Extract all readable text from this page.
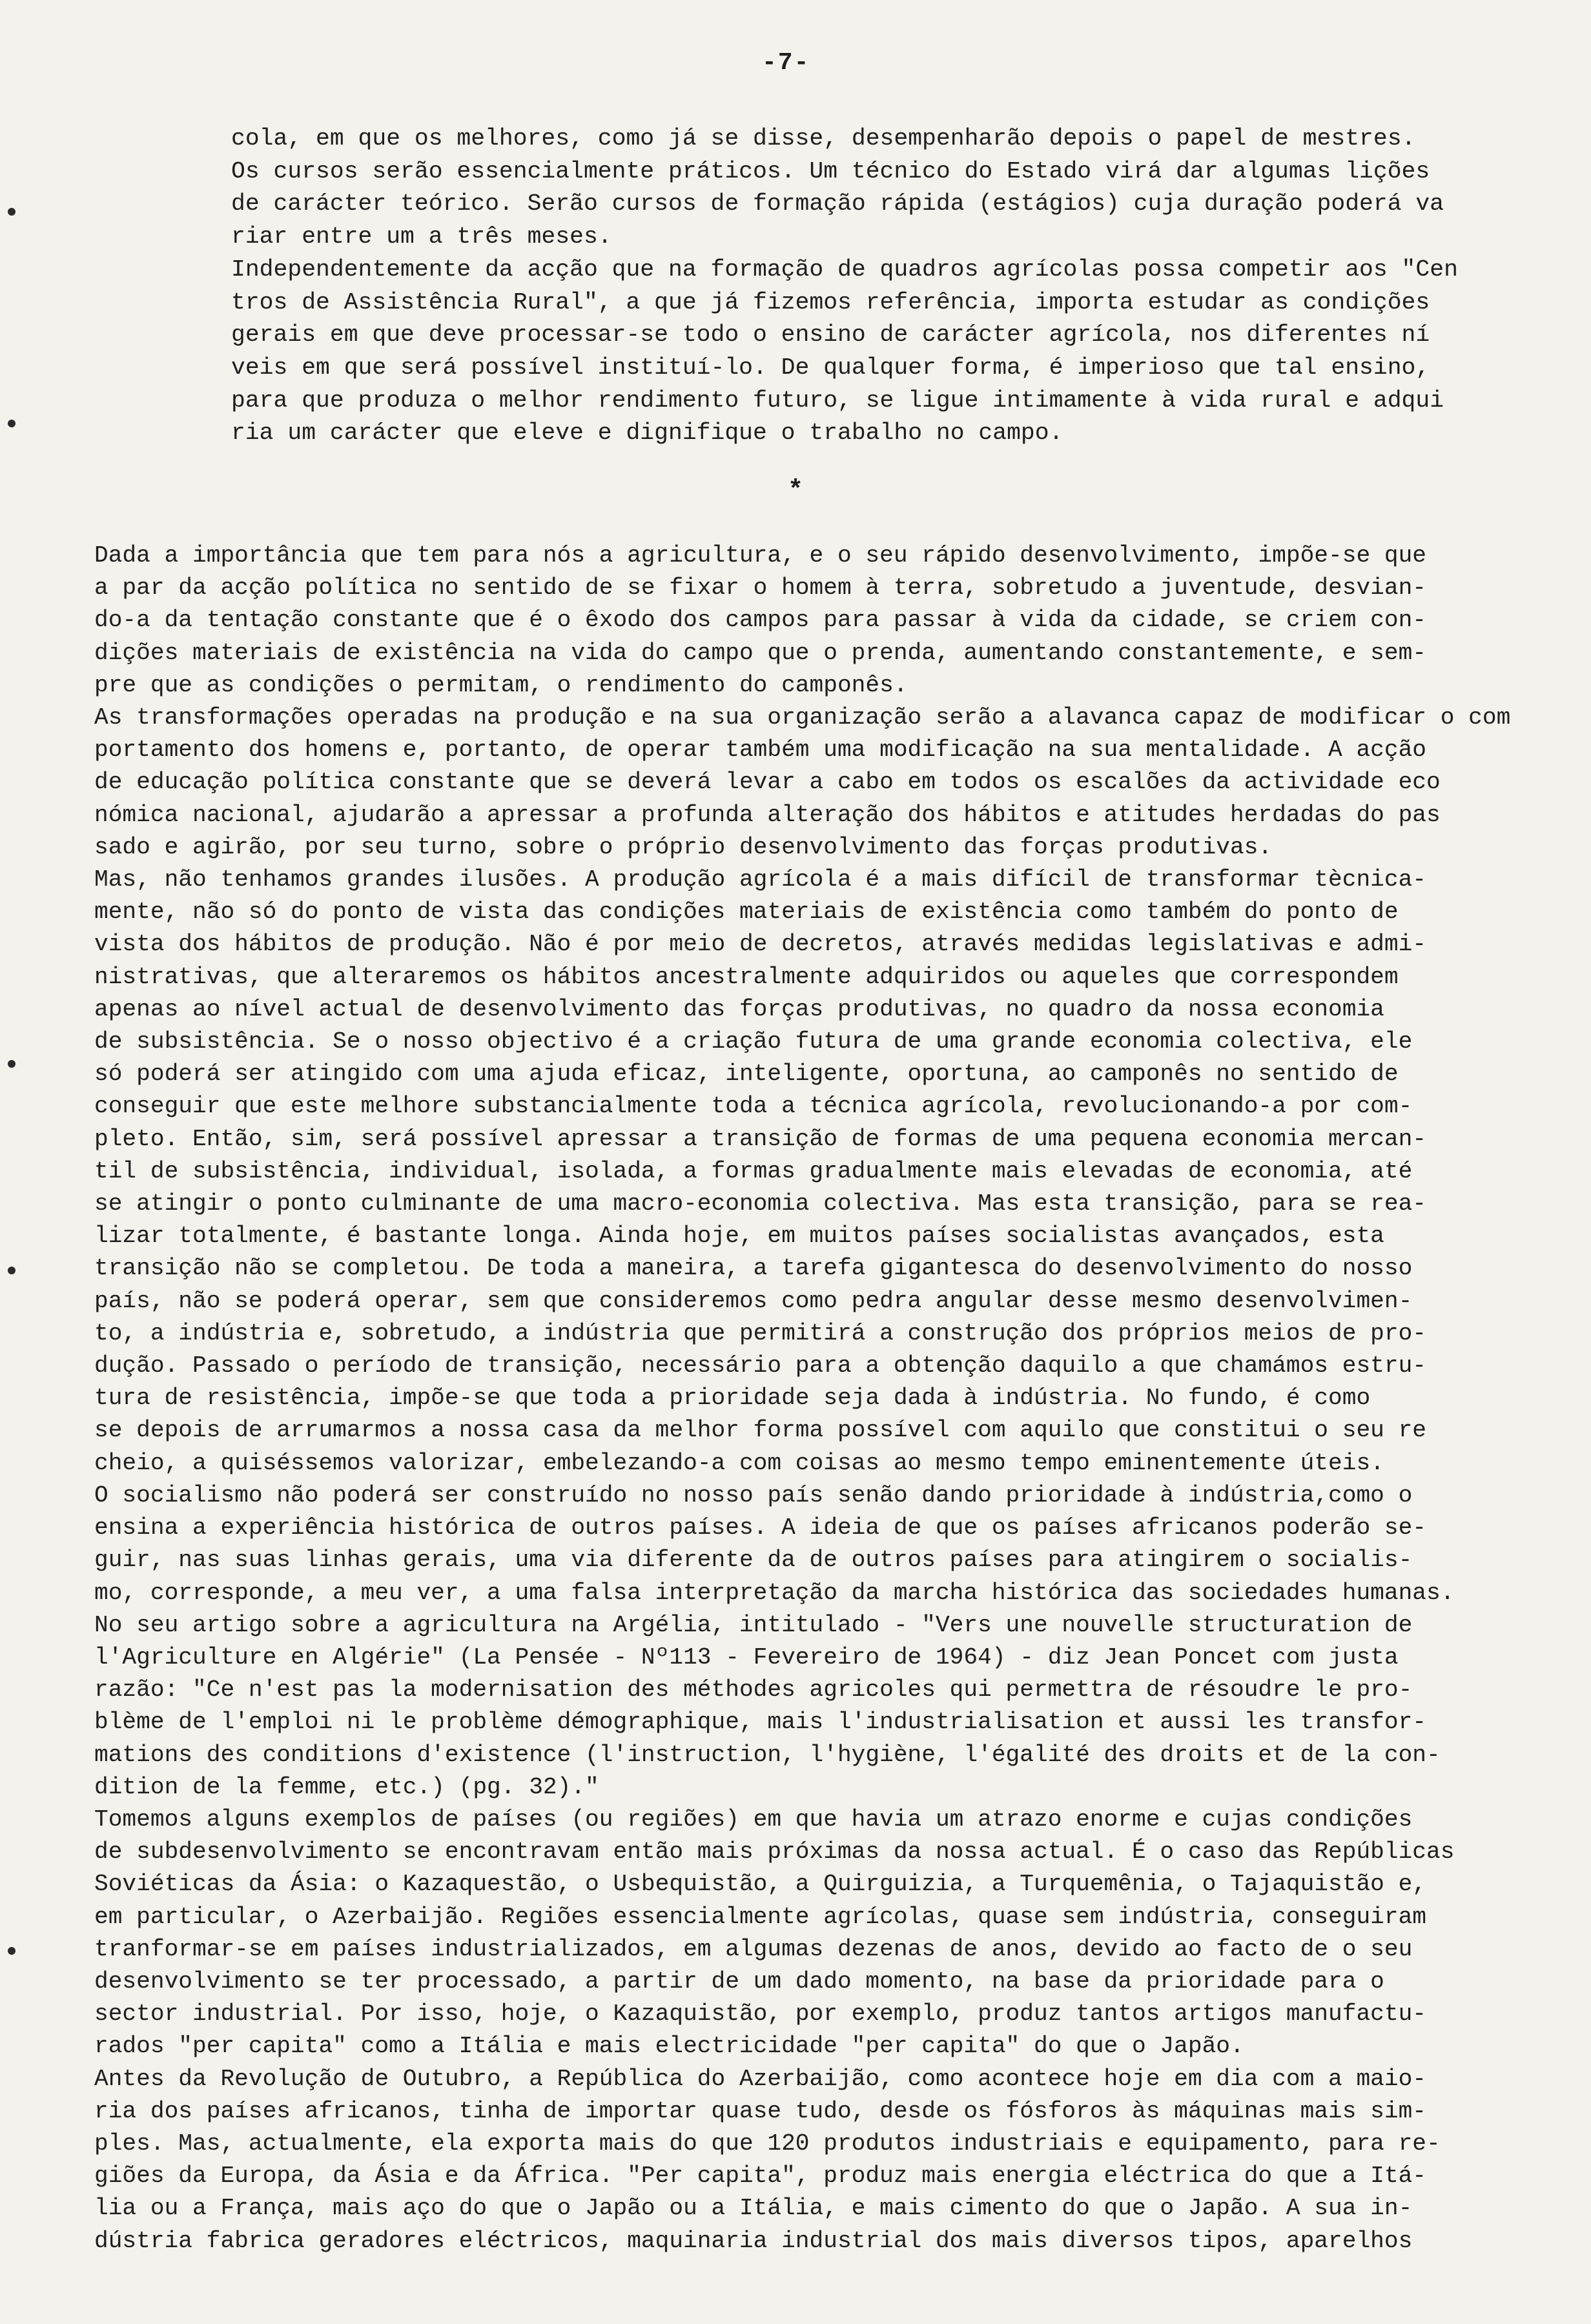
-7-
cola, em que os melhores, como já se disse, desempenharão depois o papel de mestres.
Os cursos serão essencialmente práticos. Um técnico do Estado virá dar algumas lições
de carácter teórico. Serão cursos de formação rápida (estágios) cuja duração poderá va
riar entre um a três meses.
Independentemente da acção que na formação de quadros agrícolas possa competir aos "Cen
tros de Assistência Rural", a que já fizemos referência, importa estudar as condições
gerais em que deve processar-se todo o ensino de carácter agrícola, nos diferentes ní
veis em que será possível instituí-lo. De qualquer forma, é imperioso que tal ensino,
para que produza o melhor rendimento futuro, se ligue intimamente à vida rural e adqui
ria um carácter que eleve e dignifique o trabalho no campo.
*
Dada a importância que tem para nós a agricultura, e o seu rápido desenvolvimento, impõe-se que
a par da acção política no sentido de se fixar o homem à terra, sobretudo a juventude, desvian-
do-a da tentação constante que é o êxodo dos campos para passar à vida da cidade, se criem con-
dições materiais de existência na vida do campo que o prenda, aumentando constantemente, e sem-
pre que as condições o permitam, o rendimento do camponês.
As transformações operadas na produção e na sua organização serão a alavanca capaz de modificar o com
portamento dos homens e, portanto, de operar também uma modificação na sua mentalidade. A acção
de educação política constante que se deverá levar a cabo em todos os escalões da actividade eco
nómica nacional, ajudarão a apressar a profunda alteração dos hábitos e atitudes herdadas do pas
sado e agirão, por seu turno, sobre o próprio desenvolvimento das forças produtivas.
Mas, não tenhamos grandes ilusões. A produção agrícola é a mais difícil de transformar tècnica-
mente, não só do ponto de vista das condições materiais de existência como também do ponto de
vista dos hábitos de produção. Não é por meio de decretos, através medidas legislativas e admi-
nistrativas, que alteraremos os hábitos ancestralmente adquiridos ou aqueles que correspondem
apenas ao nível actual de desenvolvimento das forças produtivas, no quadro da nossa economia
de subsistência. Se o nosso objectivo é a criação futura de uma grande economia colectiva, ele
só poderá ser atingido com uma ajuda eficaz, inteligente, oportuna, ao camponês no sentido de
conseguir que este melhore substancialmente toda a técnica agrícola, revolucionando-a por com-
pleto. Então, sim, será possível apressar a transição de formas de uma pequena economia mercan-
til de subsistência, individual, isolada, a formas gradualmente mais elevadas de economia, até
se atingir o ponto culminante de uma macro-economia colectiva. Mas esta transição, para se rea-
lizar totalmente, é bastante longa. Ainda hoje, em muitos países socialistas avançados, esta
transição não se completou. De toda a maneira, a tarefa gigantesca do desenvolvimento do nosso
país, não se poderá operar, sem que consideremos como pedra angular desse mesmo desenvolvimen-
to, a indústria e, sobretudo, a indústria que permitirá a construção dos próprios meios de pro-
dução. Passado o período de transição, necessário para a obtenção daquilo a que chamámos estru-
tura de resistência, impõe-se que toda a prioridade seja dada à indústria. No fundo, é como
se depois de arrumarmos a nossa casa da melhor forma possível com aquilo que constitui o seu re
cheio, a quiséssemos valorizar, embelezando-a com coisas ao mesmo tempo eminentemente úteis.
O socialismo não poderá ser construído no nosso país senão dando prioridade à indústria,como o
ensina a experiência histórica de outros países. A ideia de que os países africanos poderão se-
guir, nas suas linhas gerais, uma via diferente da de outros países para atingirem o socialis-
mo, corresponde, a meu ver, a uma falsa interpretação da marcha histórica das sociedades humanas.
No seu artigo sobre a agricultura na Argélia, intitulado - "Vers une nouvelle structuration de
l'Agriculture en Algérie" (La Pensée - Nº113 - Fevereiro de 1964) - diz Jean Poncet com justa
razão: "Ce n'est pas la modernisation des méthodes agricoles qui permettra de résoudre le pro-
blème de l'emploi ni le problème démographique, mais l'industrialisation et aussi les transfor-
mations des conditions d'existence (l'instruction, l'hygiène, l'égalité des droits et de la con-
dition de la femme, etc.) (pg. 32)."
Tomemos alguns exemplos de países (ou regiões) em que havia um atrazo enorme e cujas condições
de subdesenvolvimento se encontravam então mais próximas da nossa actual. É o caso das Repúblicas
Soviéticas da Ásia: o Kazaquestão, o Usbequistão, a Quirguizia, a Turquemênia, o Tajaquistão e,
em particular, o Azerbaijão. Regiões essencialmente agrícolas, quase sem indústria, conseguiram
tranformar-se em países industrializados, em algumas dezenas de anos, devido ao facto de o seu
desenvolvimento se ter processado, a partir de um dado momento, na base da prioridade para o
sector industrial. Por isso, hoje, o Kazaquistão, por exemplo, produz tantos artigos manufactu-
rados "per capita" como a Itália e mais electricidade "per capita" do que o Japão.
Antes da Revolução de Outubro, a República do Azerbaijão, como acontece hoje em dia com a maio-
ria dos países africanos, tinha de importar quase tudo, desde os fósforos às máquinas mais sim-
ples. Mas, actualmente, ela exporta mais do que 120 produtos industriais e equipamento, para re-
giões da Europa, da Ásia e da África. "Per capita", produz mais energia eléctrica do que a Itá-
lia ou a França, mais aço do que o Japão ou a Itália, e mais cimento do que o Japão. A sua in-
dústria fabrica geradores eléctricos, maquinaria industrial dos mais diversos tipos, aparelhos
